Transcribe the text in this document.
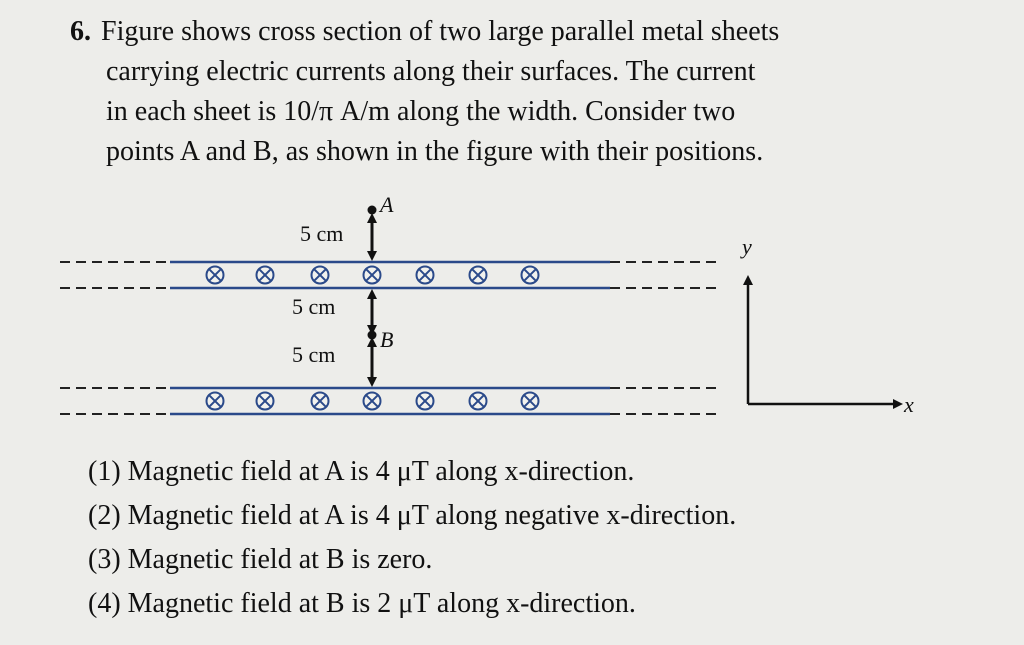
6. Figure shows cross section of two large parallel metal sheets
carrying electric currents along their surfaces. The current
in each sheet is 10/π A/m along the width. Consider two
points A and B, as shown in the figure with their positions.
A
5 cm
5 cm
B
5 cm
y
x
(1) Magnetic field at A is 4 μT along x-direction.
(2) Magnetic field at A is 4 μT along negative x-direction.
(3) Magnetic field at B is zero.
(4) Magnetic field at B is 2 μT along x-direction.
